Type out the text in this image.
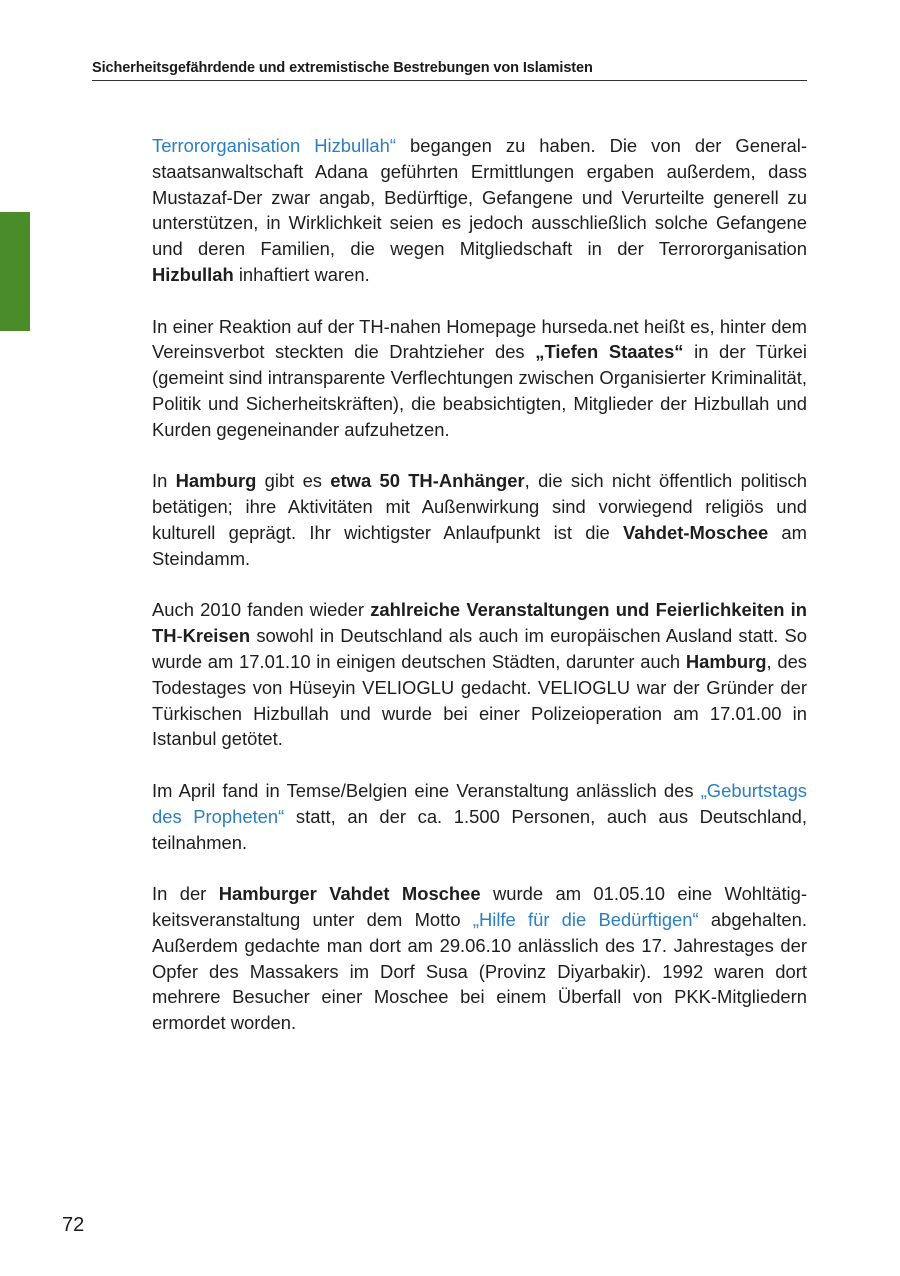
Sicherheitsgefährdende und extremistische Bestrebungen von Islamisten

Terrororganisation Hizbullah“ begangen zu haben. Die von der Generalstaatsanwaltschaft Adana geführten Ermittlungen ergaben außerdem, dass Mustazaf-Der zwar angab, Bedürftige, Gefangene und Verurteilte generell zu unterstützen, in Wirklichkeit seien es jedoch ausschließlich solche Gefangene und deren Familien, die wegen Mitgliedschaft in der Terrororganisation Hizbullah inhaftiert waren.

In einer Reaktion auf der TH-nahen Homepage hurseda.net heißt es, hinter dem Vereinsverbot steckten die Drahtzieher des „Tiefen Staates“ in der Türkei (gemeint sind intransparente Verflechtungen zwischen Organisierter Kriminalität, Politik und Sicherheitskräften), die beabsichtigten, Mitglieder der Hizbullah und Kurden gegeneinander aufzuhetzen.

In Hamburg gibt es etwa 50 TH-Anhänger, die sich nicht öffentlich politisch betätigen; ihre Aktivitäten mit Außenwirkung sind vorwiegend religiös und kulturell geprägt. Ihr wichtigster Anlaufpunkt ist die Vahdet-Moschee am Steindamm.

Auch 2010 fanden wieder zahlreiche Veranstaltungen und Feierlichkeiten in TH-Kreisen sowohl in Deutschland als auch im europäischen Ausland statt. So wurde am 17.01.10 in einigen deutschen Städten, darunter auch Hamburg, des Todestages von Hüseyin VELIOGLU gedacht. VELIOGLU war der Gründer der Türkischen Hizbullah und wurde bei einer Polizeioperation am 17.01.00 in Istanbul getötet.

Im April fand in Temse/Belgien eine Veranstaltung anlässlich des „Geburtstags des Propheten“ statt, an der ca. 1.500 Personen, auch aus Deutschland, teilnahmen.

In der Hamburger Vahdet Moschee wurde am 01.05.10 eine Wohltätigkeitsveranstaltung unter dem Motto „Hilfe für die Bedürftigen“ abgehalten. Außerdem gedachte man dort am 29.06.10 anlässlich des 17. Jahrestages der Opfer des Massakers im Dorf Susa (Provinz Diyarbakir). 1992 waren dort mehrere Besucher einer Moschee bei einem Überfall von PKK-Mitgliedern ermordet worden.

72
